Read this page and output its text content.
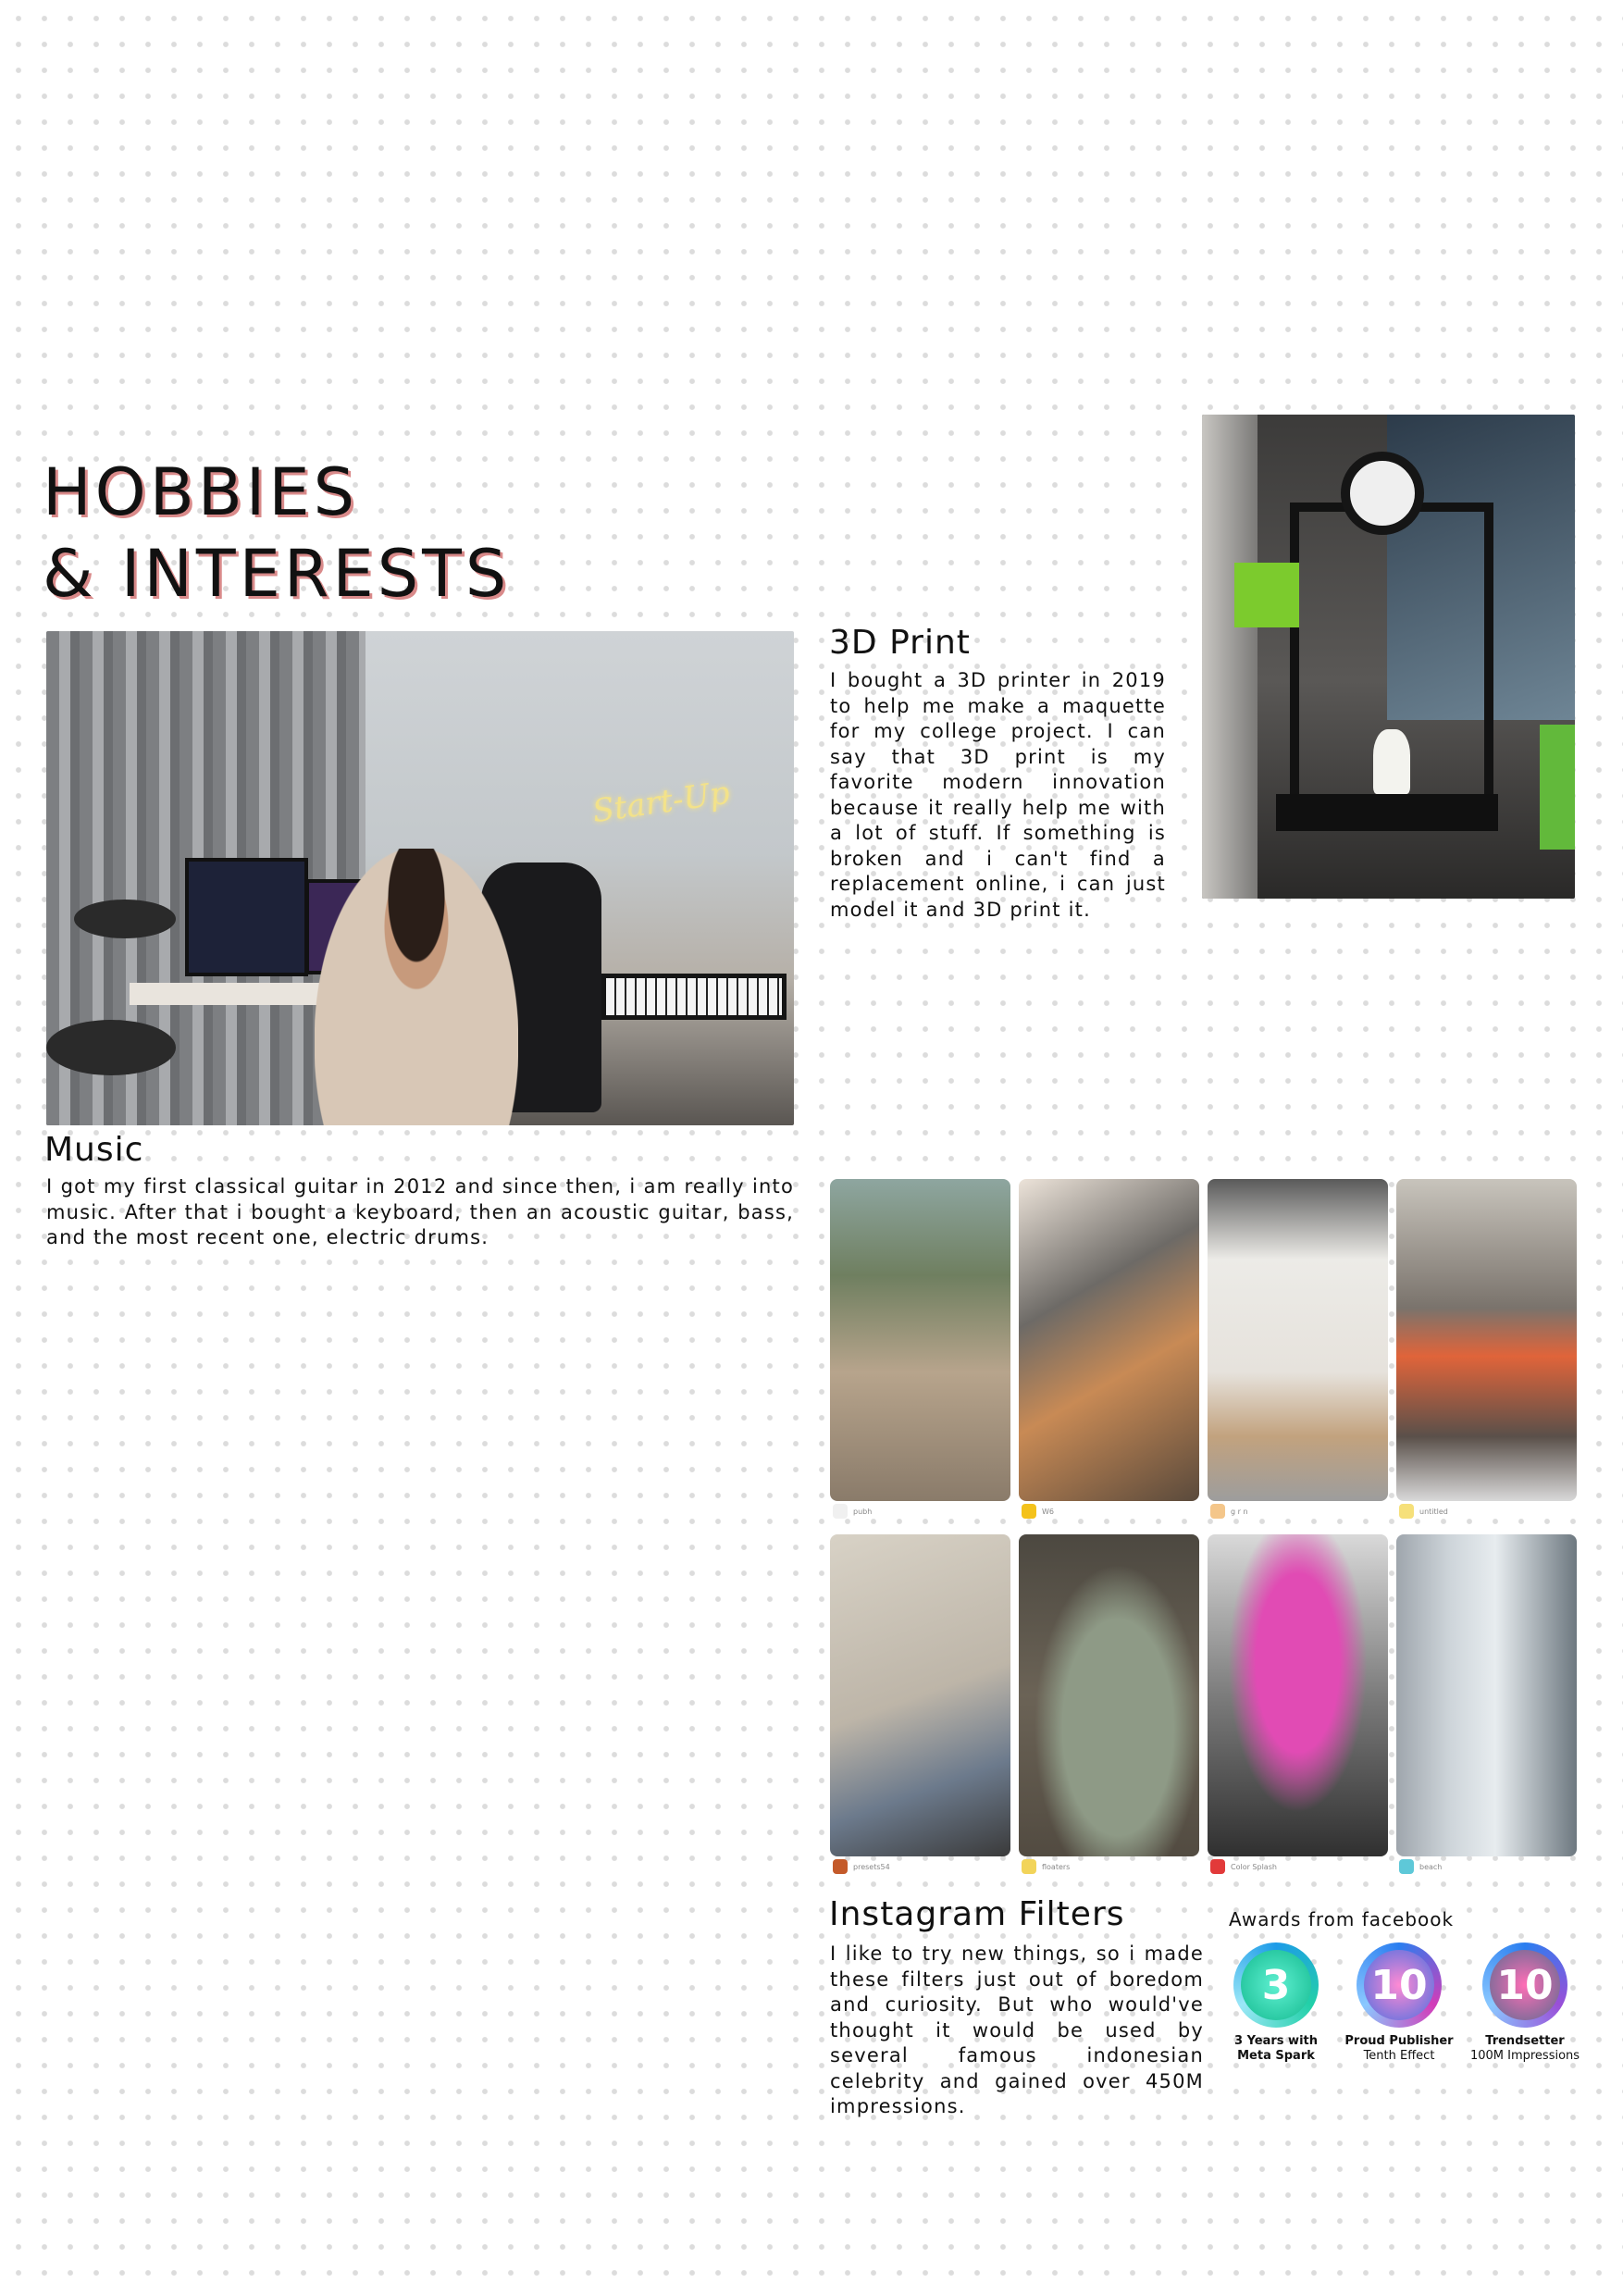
HOBBIES
& INTERESTS
Start-Up
Music
I got my first classical guitar in 2012 and since then, i am really into music. After that i bought a keyboard, then an acoustic guitar, bass, and the most recent one, electric drums.
3D Print
I bought a 3D printer in 2019 to help me make a maquette for my college project. I can say that 3D print is my favorite modern innovation because it really help me with a lot of stuff. If something is broken and i can't find a replacement online, i can just model it and 3D print it.
pubh	W6	g r n	untitled
presets54	floaters	Color Splash	beach
Instagram Filters
I like to try new things, so i made these filters just out of boredom and curiosity. But who would've thought it would be used by several famous indonesian celebrity and gained over 450M impressions.
Awards from facebook
3	10 10
3 Years with
Meta Spark
Proud Publisher
Tenth Effect
Trendsetter
100M Impressions
